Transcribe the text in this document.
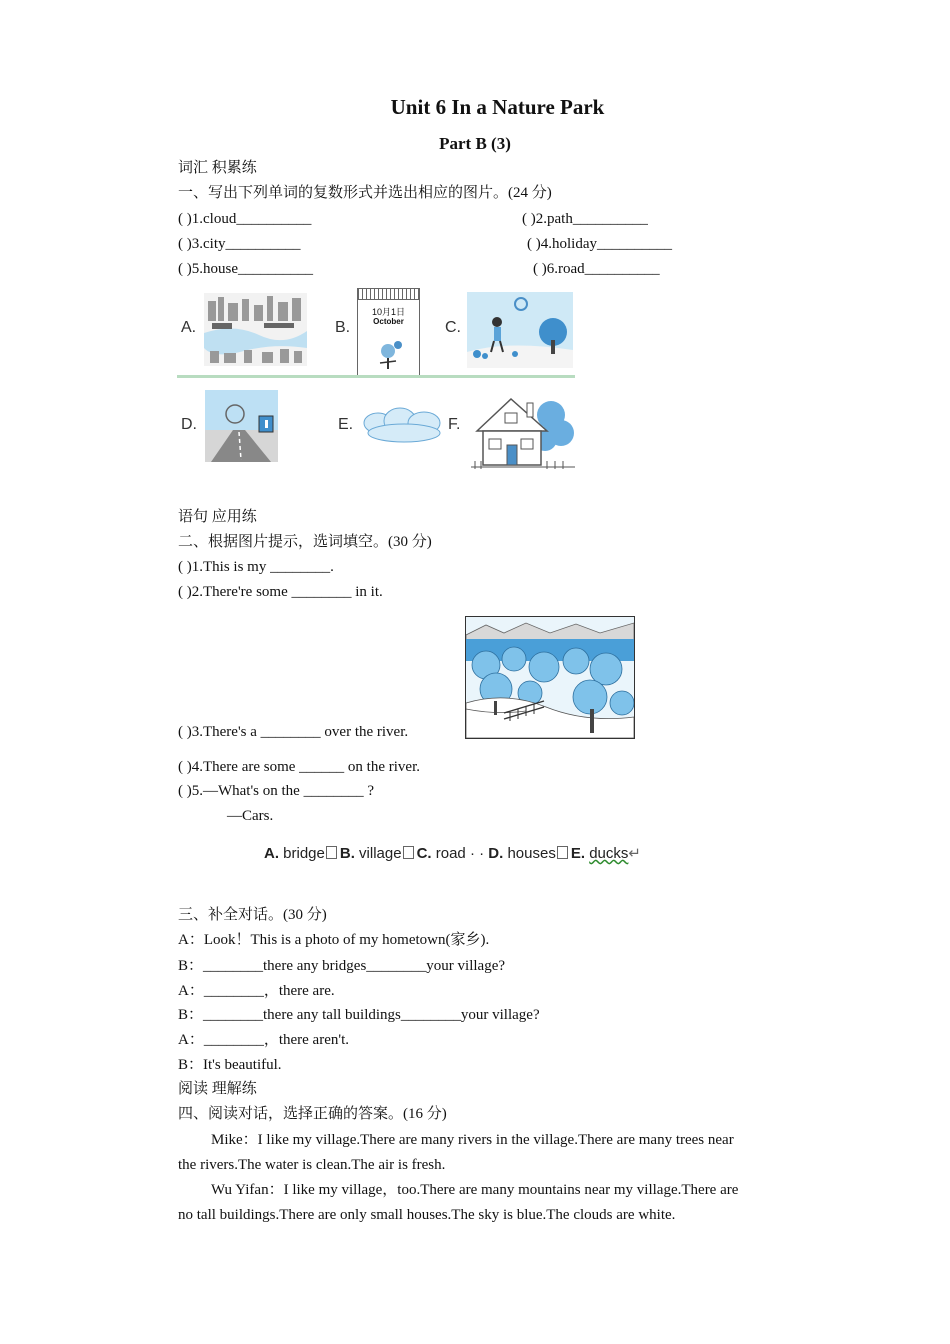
Unit 6 In a Nature Park
Part B (3)
词汇 积累练
一、写出下列单词的复数形式并选出相应的图片。(24 分)
( )1.cloud__________	( )2.path__________
( )3.city__________	( )4.holiday__________
( )5.house__________	( )6.road__________
A.	B.	C.
D.	E.	F.
10月1日
October
语句 应用练
二、根据图片提示，选词填空。(30 分)
( )1.This is my ________.
( )2.There're some ________ in it.
( )3.There's a ________ over the river.
( )4.There are some ______ on the river.
( )5.—What's on the ________ ?
—Cars.
A. bridge B. village C. road · · D. houses E. ducks↵
三、补全对话。(30 分)
A：Look！This is a photo of my hometown(家乡).
B：________there any bridges________your village?
A：________，there are.
B：________there any tall buildings________your village?
A：________，there aren't.
B：It's beautiful.
阅读 理解练
四、阅读对话，选择正确的答案。(16 分)
Mike：I like my village.There are many rivers in the village.There are many trees near
the rivers.The water is clean.The air is fresh.
Wu Yifan：I like my village，too.There are many mountains near my village.There are
no tall buildings.There are only small houses.The sky is blue.The clouds are white.
